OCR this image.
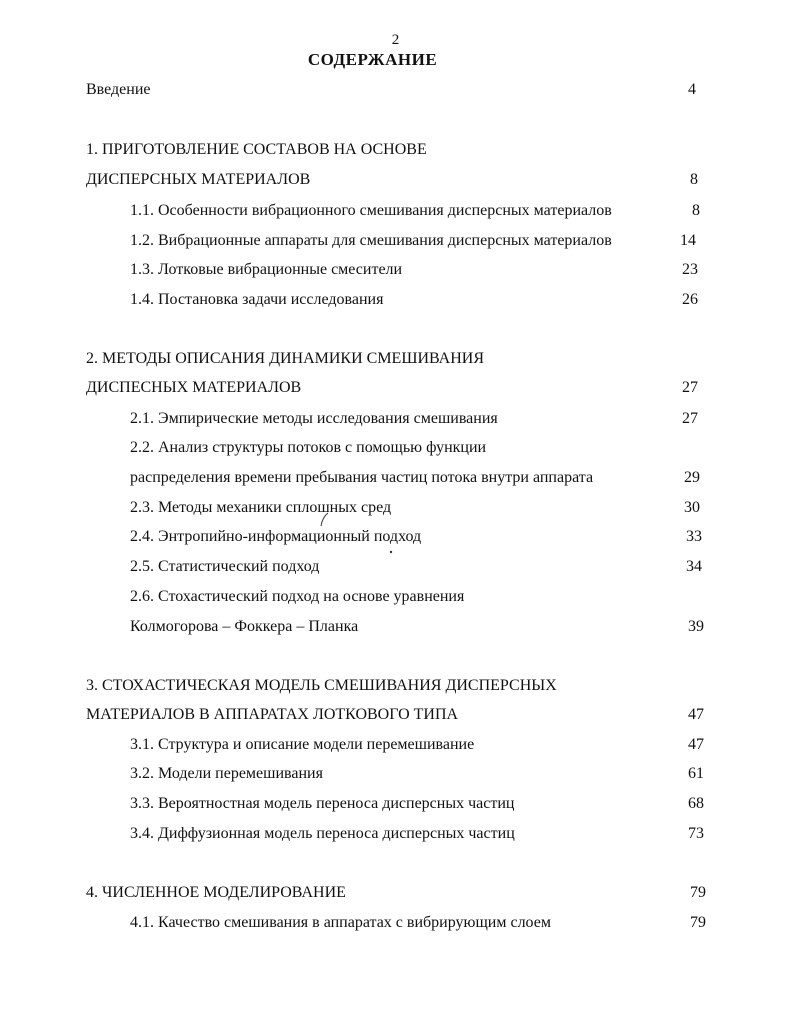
2
СОДЕРЖАНИЕ
Введение	4
1. ПРИГОТОВЛЕНИЕ СОСТАВОВ НА ОСНОВЕ
ДИСПЕРСНЫХ МАТЕРИАЛОВ	8
1.1. Особенности вибрационного смешивания дисперсных материалов	8
1.2. Вибрационные аппараты для смешивания дисперсных материалов	14
1.3. Лотковые вибрационные смесители	23
1.4. Постановка задачи исследования	26
2. МЕТОДЫ ОПИСАНИЯ ДИНАМИКИ СМЕШИВАНИЯ
ДИСПЕСНЫХ МАТЕРИАЛОВ	27
2.1. Эмпирические методы исследования смешивания	27
2.2. Анализ структуры потоков с помощью функции
распределения времени пребывания частиц потока внутри аппарата	29
2.3. Методы механики сплошных сред	30
2.4. Энтропийно-информационный подход	33
2.5. Статистический подход	34
2.6. Стохастический подход на основе уравнения
Колмогорова – Фоккера – Планка	39
3. СТОХАСТИЧЕСКАЯ МОДЕЛЬ СМЕШИВАНИЯ ДИСПЕРСНЫХ
МАТЕРИАЛОВ В АППАРАТАХ ЛОТКОВОГО ТИПА	47
3.1. Структура и описание модели перемешивание	47
3.2. Модели перемешивания	61
3.3. Вероятностная модель переноса дисперсных частиц	68
3.4. Диффузионная модель переноса дисперсных частиц	73
4. ЧИСЛЕННОЕ МОДЕЛИРОВАНИЕ	79
4.1. Качество смешивания в аппаратах с вибрирующим слоем	79
